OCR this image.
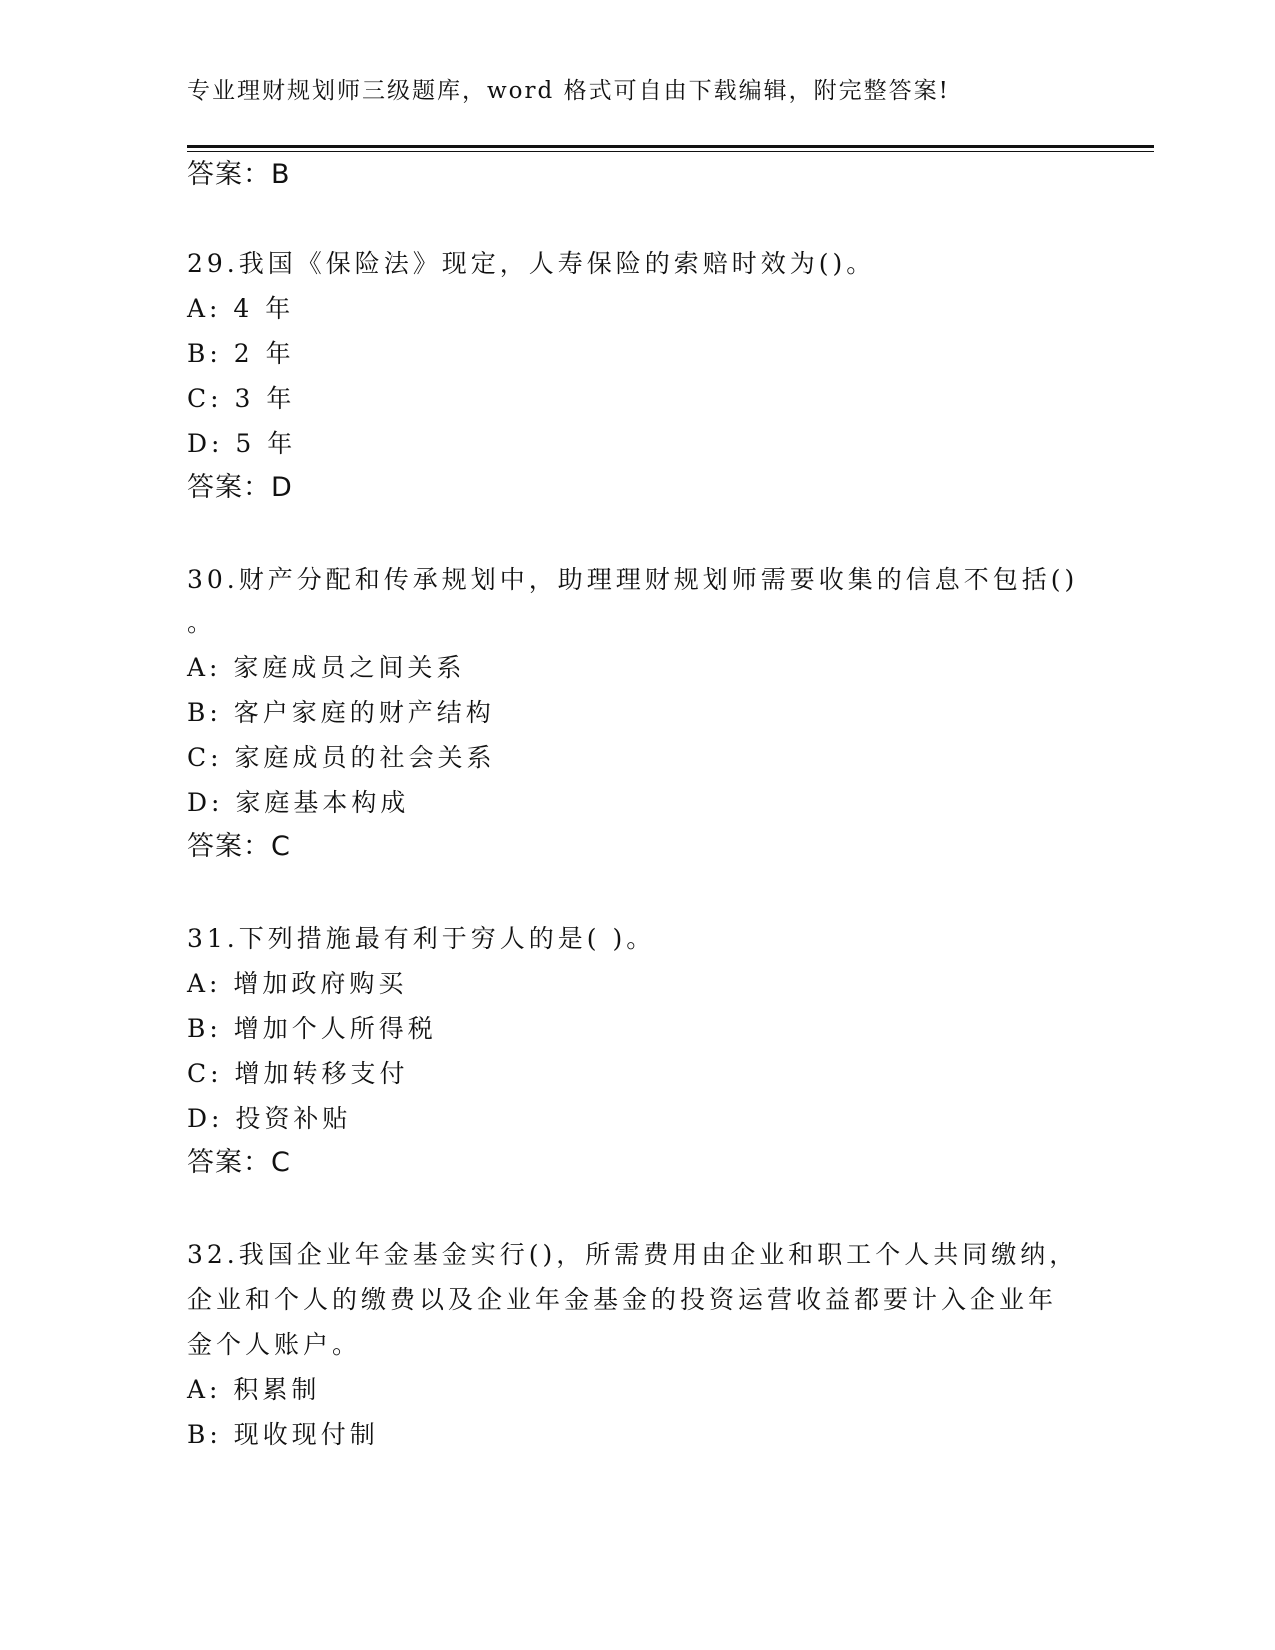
专业理财规划师三级题库，word 格式可自由下载编辑，附完整答案!
答案：B
29.我国《保险法》现定，人寿保险的索赔时效为()。
A: 4 年
B: 2 年
C: 3 年
D: 5 年
答案：D
30.财产分配和传承规划中，助理理财规划师需要收集的信息不包括()
。
A: 家庭成员之间关系
B: 客户家庭的财产结构
C: 家庭成员的社会关系
D: 家庭基本构成
答案：C
31.下列措施最有利于穷人的是( )。
A: 增加政府购买
B: 增加个人所得税
C: 增加转移支付
D: 投资补贴
答案：C
32.我国企业年金基金实行()，所需费用由企业和职工个人共同缴纳，
企业和个人的缴费以及企业年金基金的投资运营收益都要计入企业年
金个人账户。
A: 积累制
B: 现收现付制
